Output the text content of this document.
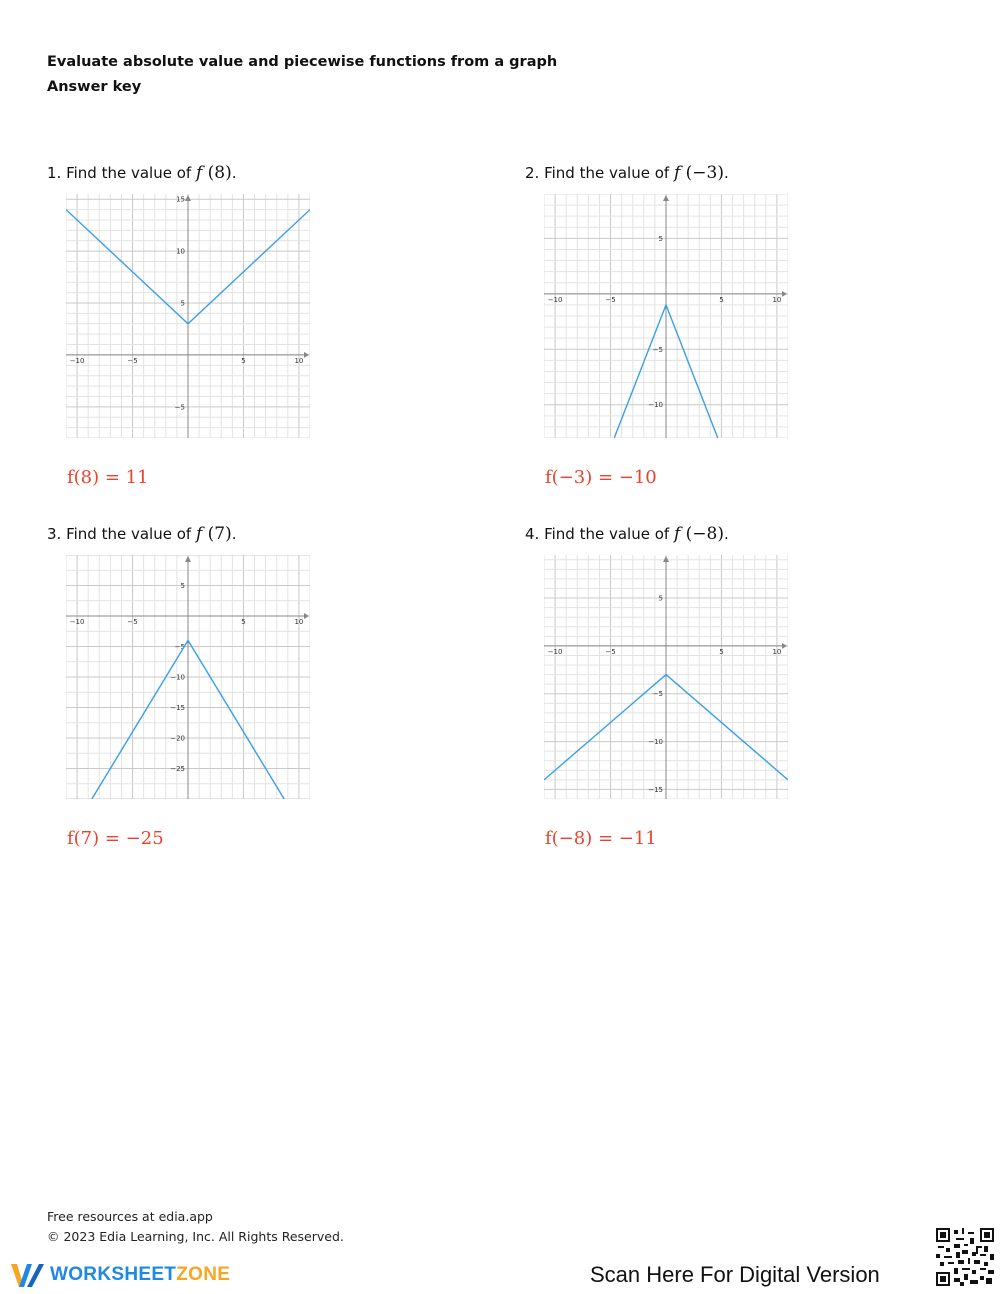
Evaluate absolute value and piecewise functions from a graph
Answer key
1. Find the value of f (8).
−10	−5	5	10
−5
5
10
15
f(8) = 11
2. Find the value of f (−3).
−10	−5	5	10
−10
−5
5
f(−3) = −10
3. Find the value of f (7).
−10	−5	5	10
−25
−20
−15
−10
−5
5
f(7) = −25
4. Find the value of f (−8).
−10	−5	5	10
−15
−10
−5
5
f(−8) = −11
Free resources at edia.app
© 2023 Edia Learning, Inc. All Rights Reserved.
WORKSHEETZONE	Scan Here For Digital Version
